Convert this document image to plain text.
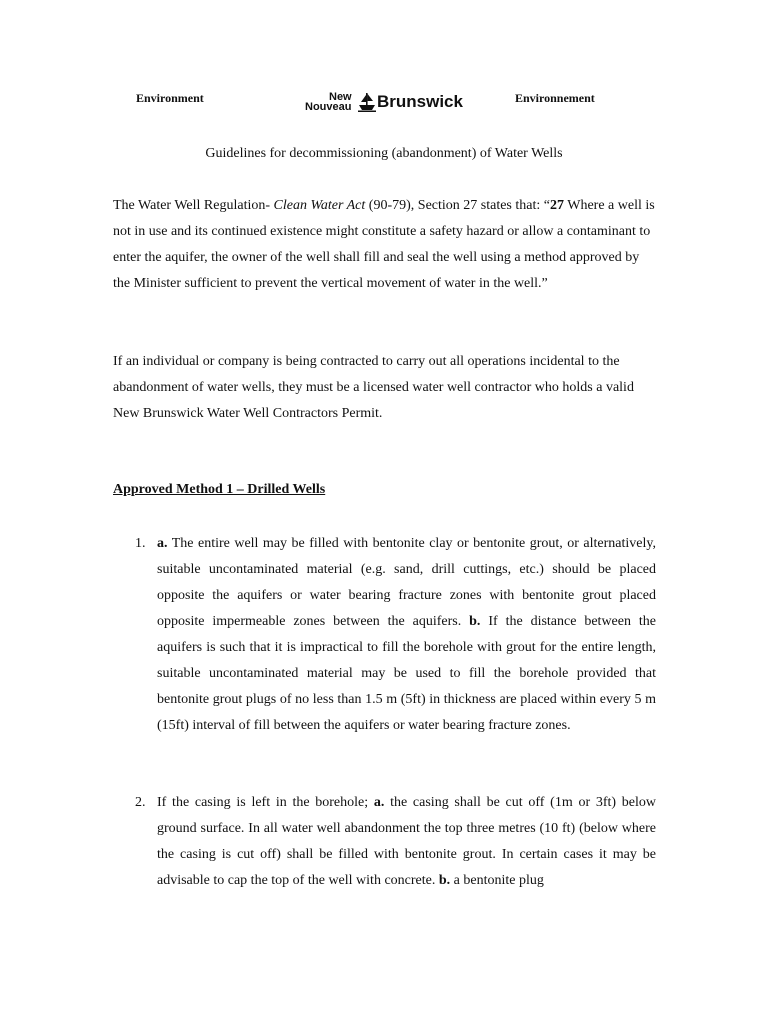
Environment	New
Nouveau Brunswick	Environnement
Guidelines for decommissioning (abandonment) of Water Wells
The Water Well Regulation- Clean Water Act (90-79), Section 27 states that: “27 Where a well is not in use and its continued existence might constitute a safety hazard or allow a contaminant to enter the aquifer, the owner of the well shall fill and seal the well using a method approved by the Minister sufficient to prevent the vertical movement of water in the well.”
If an individual or company is being contracted to carry out all operations incidental to the abandonment of water wells, they must be a licensed water well contractor who holds a valid New Brunswick Water Well Contractors Permit.
Approved Method 1 – Drilled Wells
1. a. The entire well may be filled with bentonite clay or bentonite grout, or alternatively, suitable uncontaminated material (e.g. sand, drill cuttings, etc.) should be placed opposite the aquifers or water bearing fracture zones with bentonite grout placed opposite impermeable zones between the aquifers. b. If the distance between the aquifers is such that it is impractical to fill the borehole with grout for the entire length, suitable uncontaminated material may be used to fill the borehole provided that bentonite grout plugs of no less than 1.5 m (5ft) in thickness are placed within every 5 m (15ft) interval of fill between the aquifers or water bearing fracture zones.
2. If the casing is left in the borehole; a. the casing shall be cut off (1m or 3ft) below ground surface. In all water well abandonment the top three metres (10 ft) (below where the casing is cut off) shall be filled with bentonite grout. In certain cases it may be advisable to cap the top of the well with concrete. b. a bentonite plug
